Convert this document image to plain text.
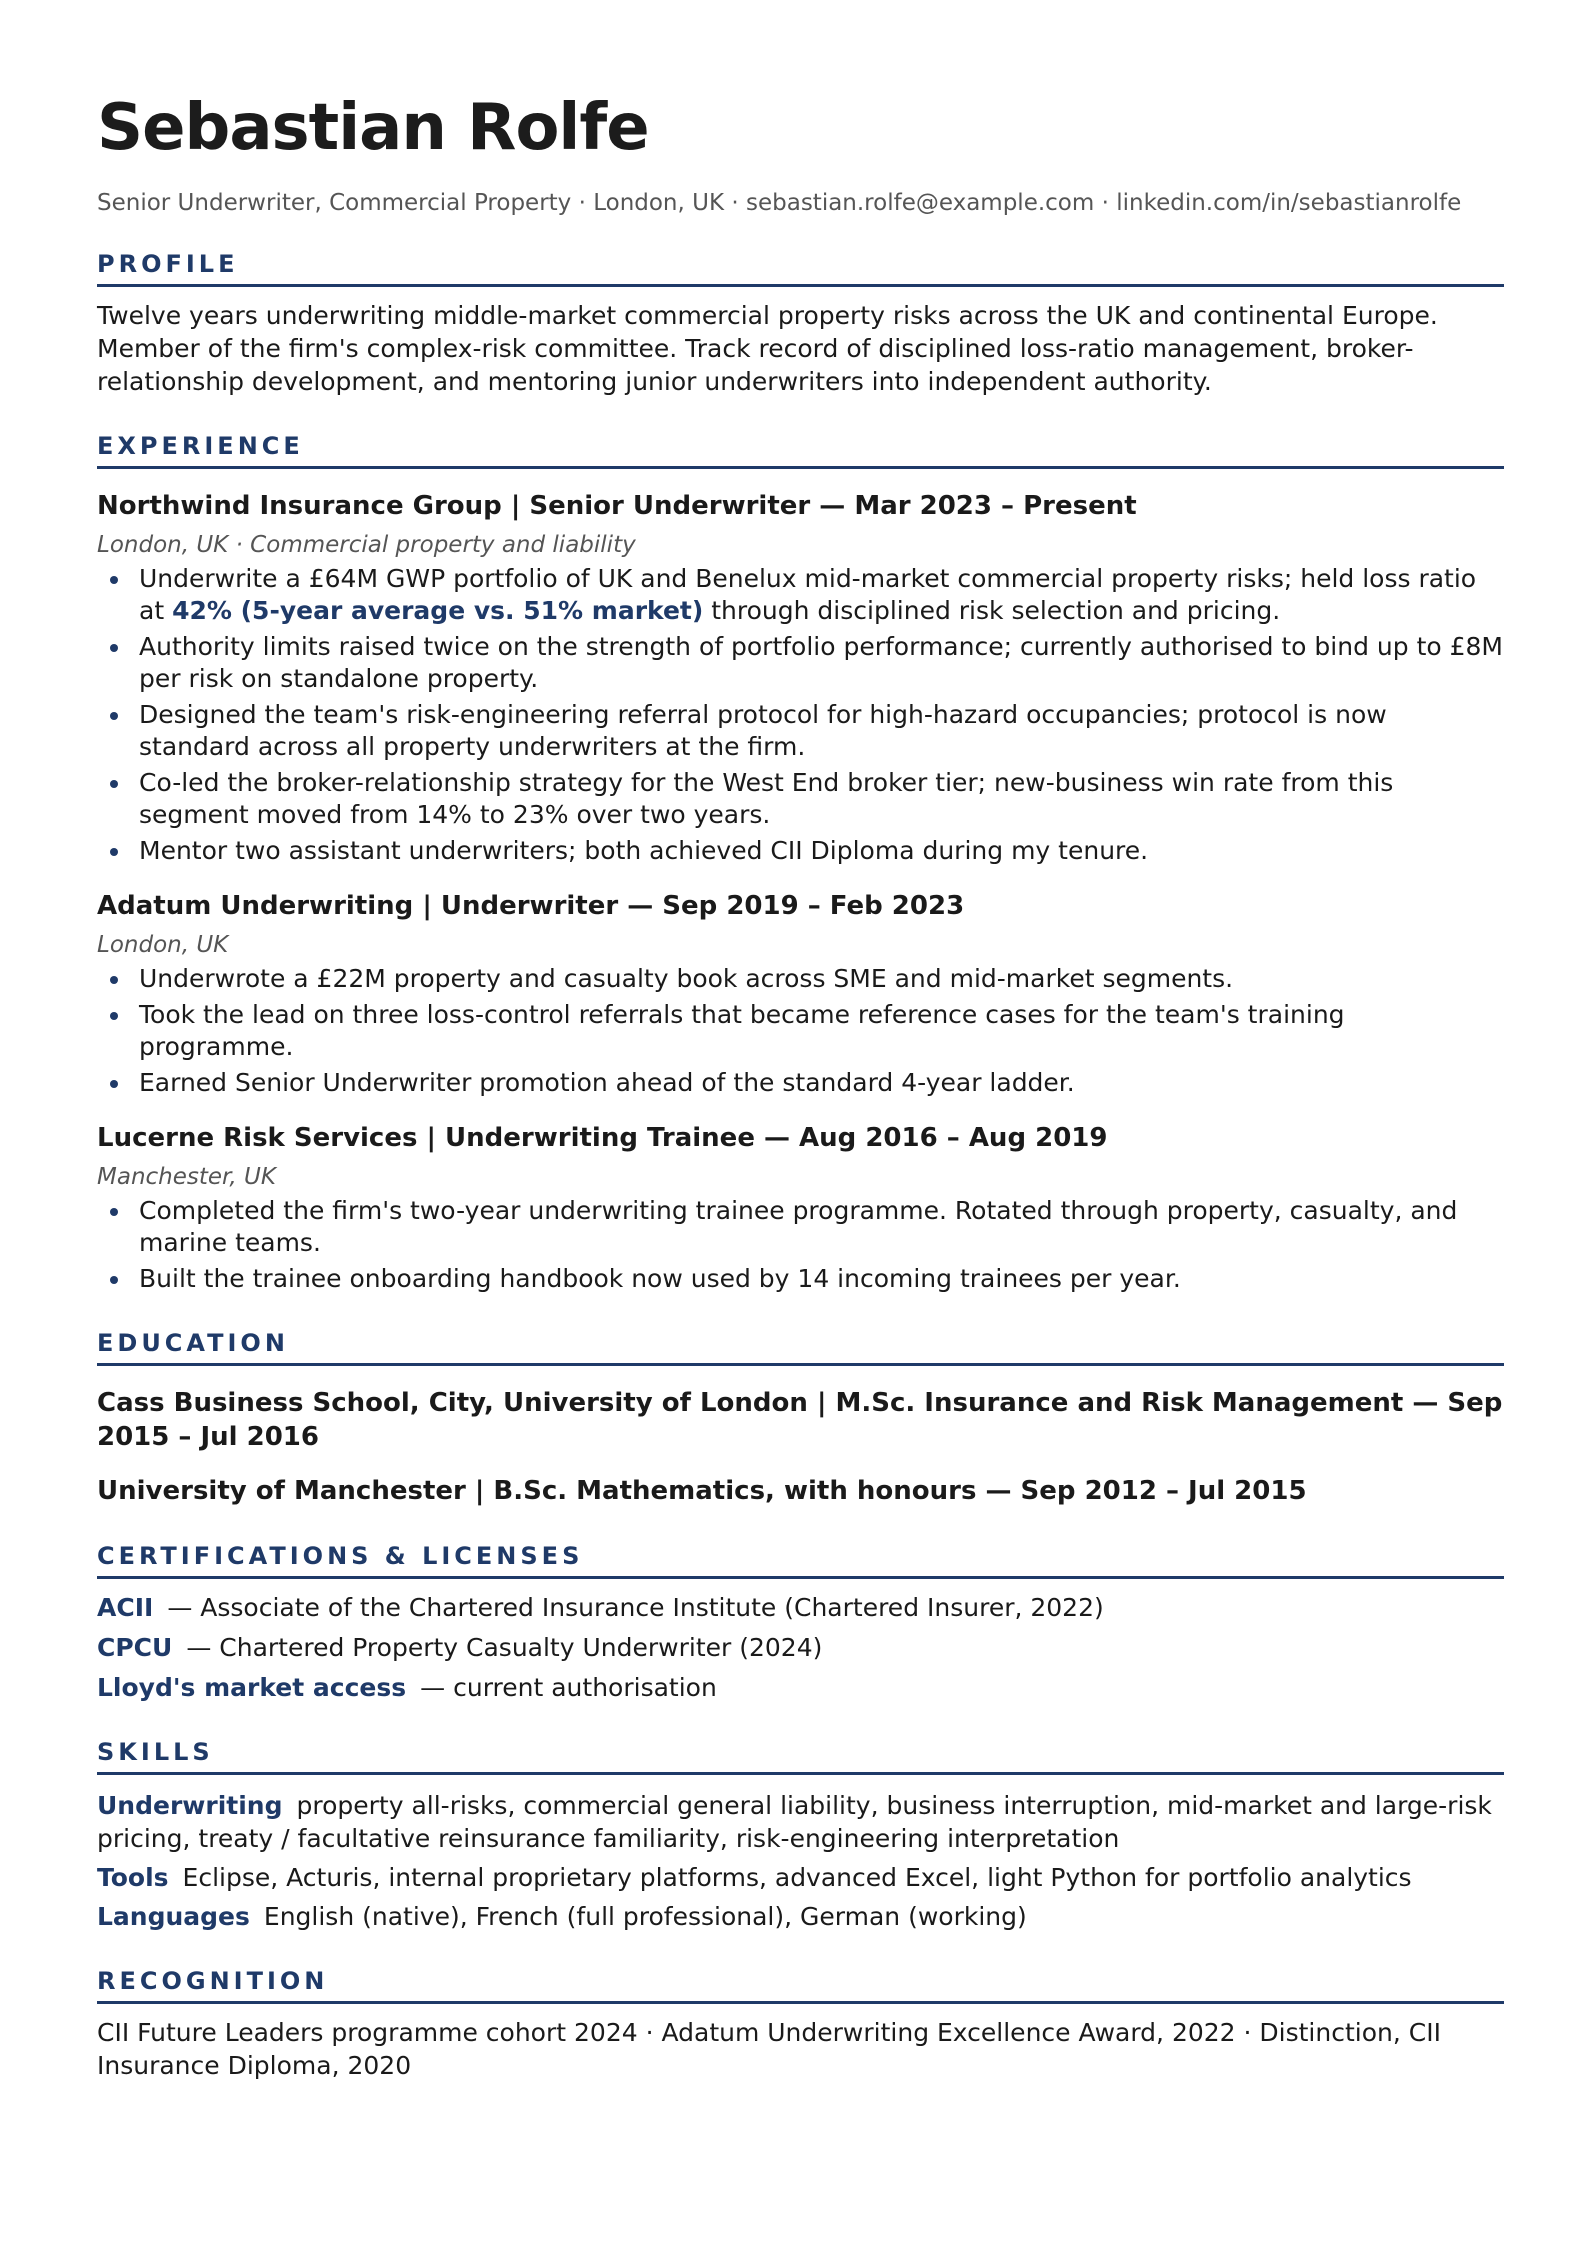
Sebastian Rolfe
Senior Underwriter, Commercial Property · London, UK · sebastian.rolfe@example.com · linkedin.com/in/sebastianrolfe
PROFILE
Twelve years underwriting middle-market commercial property risks across the UK and continental Europe. Member of the firm's complex-risk committee. Track record of disciplined loss-ratio management, broker-relationship development, and mentoring junior underwriters into independent authority.
EXPERIENCE
Northwind Insurance Group | Senior Underwriter — Mar 2023 – Present
London, UK · Commercial property and liability
Underwrite a £64M GWP portfolio of UK and Benelux mid-market commercial property risks; held loss ratio at 42% (5-year average vs. 51% market) through disciplined risk selection and pricing.
Authority limits raised twice on the strength of portfolio performance; currently authorised to bind up to £8M per risk on standalone property.
Designed the team's risk-engineering referral protocol for high-hazard occupancies; protocol is now standard across all property underwriters at the firm.
Co-led the broker-relationship strategy for the West End broker tier; new-business win rate from this segment moved from 14% to 23% over two years.
Mentor two assistant underwriters; both achieved CII Diploma during my tenure.
Adatum Underwriting | Underwriter — Sep 2019 – Feb 2023
London, UK
Underwrote a £22M property and casualty book across SME and mid-market segments.
Took the lead on three loss-control referrals that became reference cases for the team's training programme.
Earned Senior Underwriter promotion ahead of the standard 4-year ladder.
Lucerne Risk Services | Underwriting Trainee — Aug 2016 – Aug 2019
Manchester, UK
Completed the firm's two-year underwriting trainee programme. Rotated through property, casualty, and marine teams.
Built the trainee onboarding handbook now used by 14 incoming trainees per year.
EDUCATION
Cass Business School, City, University of London | M.Sc. Insurance and Risk Management — Sep 2015 – Jul 2016
University of Manchester | B.Sc. Mathematics, with honours — Sep 2012 – Jul 2015
CERTIFICATIONS & LICENSES
ACII — Associate of the Chartered Insurance Institute (Chartered Insurer, 2022)
CPCU — Chartered Property Casualty Underwriter (2024)
Lloyd's market access — current authorisation
SKILLS
Underwriting property all-risks, commercial general liability, business interruption, mid-market and large-risk pricing, treaty / facultative reinsurance familiarity, risk-engineering interpretation
Tools Eclipse, Acturis, internal proprietary platforms, advanced Excel, light Python for portfolio analytics
Languages English (native), French (full professional), German (working)
RECOGNITION
CII Future Leaders programme cohort 2024 · Adatum Underwriting Excellence Award, 2022 · Distinction, CII Insurance Diploma, 2020
